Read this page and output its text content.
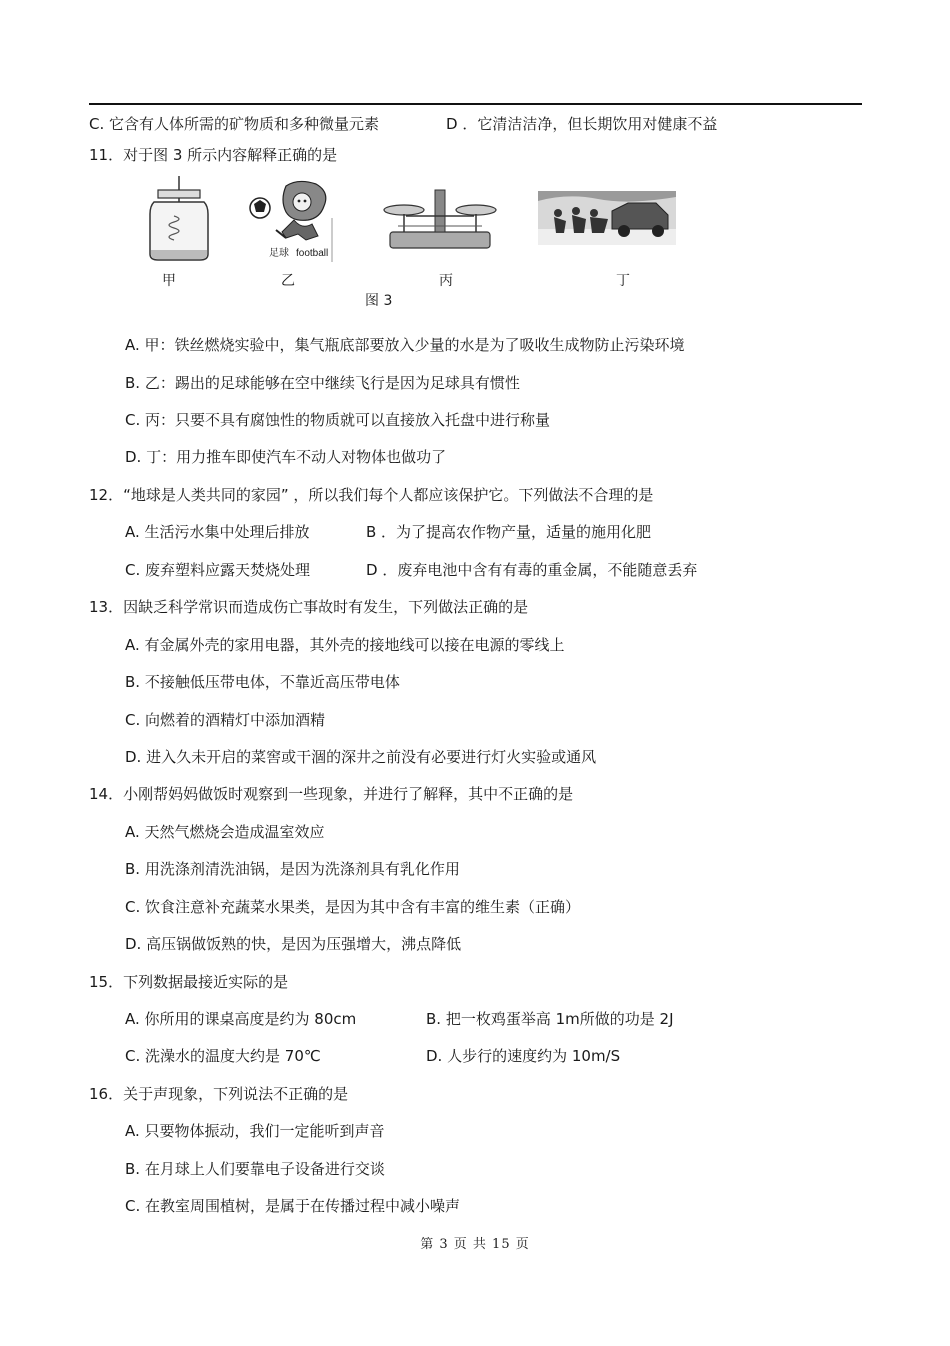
C. 它含有人体所需的矿物质和多种微量元素	D ．它清洁洁净，但长期饮用对健康不益
11．对于图 3 所示内容解释正确的是
足球 football
甲	乙	丙	丁
图 3
A. 甲：铁丝燃烧实验中，集气瓶底部要放入少量的水是为了吸收生成物防止污染环境
B. 乙：踢出的足球能够在空中继续飞行是因为足球具有惯性
C. 丙：只要不具有腐蚀性的物质就可以直接放入托盘中进行称量
D. 丁：用力推车即使汽车不动人对物体也做功了
12．“地球是人类共同的家园” ，所以我们每个人都应该保护它。下列做法不合理的是
A. 生活污水集中处理后排放	B ．为了提高农作物产量，适量的施用化肥
C. 废弃塑料应露天焚烧处理	D ．废弃电池中含有有毒的重金属，不能随意丢弃
13．因缺乏科学常识而造成伤亡事故时有发生，下列做法正确的是
A. 有金属外壳的家用电器，其外壳的接地线可以接在电源的零线上
B. 不接触低压带电体，不靠近高压带电体
C. 向燃着的酒精灯中添加酒精
D. 进入久未开启的菜窖或干涸的深井之前没有必要进行灯火实验或通风
14．小刚帮妈妈做饭时观察到一些现象，并进行了解释，其中不正确的是
A. 天然气燃烧会造成温室效应
B. 用洗涤剂清洗油锅，是因为洗涤剂具有乳化作用
C. 饮食注意补充蔬菜水果类，是因为其中含有丰富的维生素（正确）
D. 高压锅做饭熟的快，是因为压强增大，沸点降低
15．下列数据最接近实际的是
A. 你所用的课桌高度是约为 80cm	B. 把一枚鸡蛋举高 1m所做的功是 2J
C. 洗澡水的温度大约是 70℃	D. 人步行的速度约为 10m/S
16．关于声现象，下列说法不正确的是
A. 只要物体振动，我们一定能听到声音
B. 在月球上人们要靠电子设备进行交谈
C. 在教室周围植树，是属于在传播过程中减小噪声
第 3 页 共 15 页
